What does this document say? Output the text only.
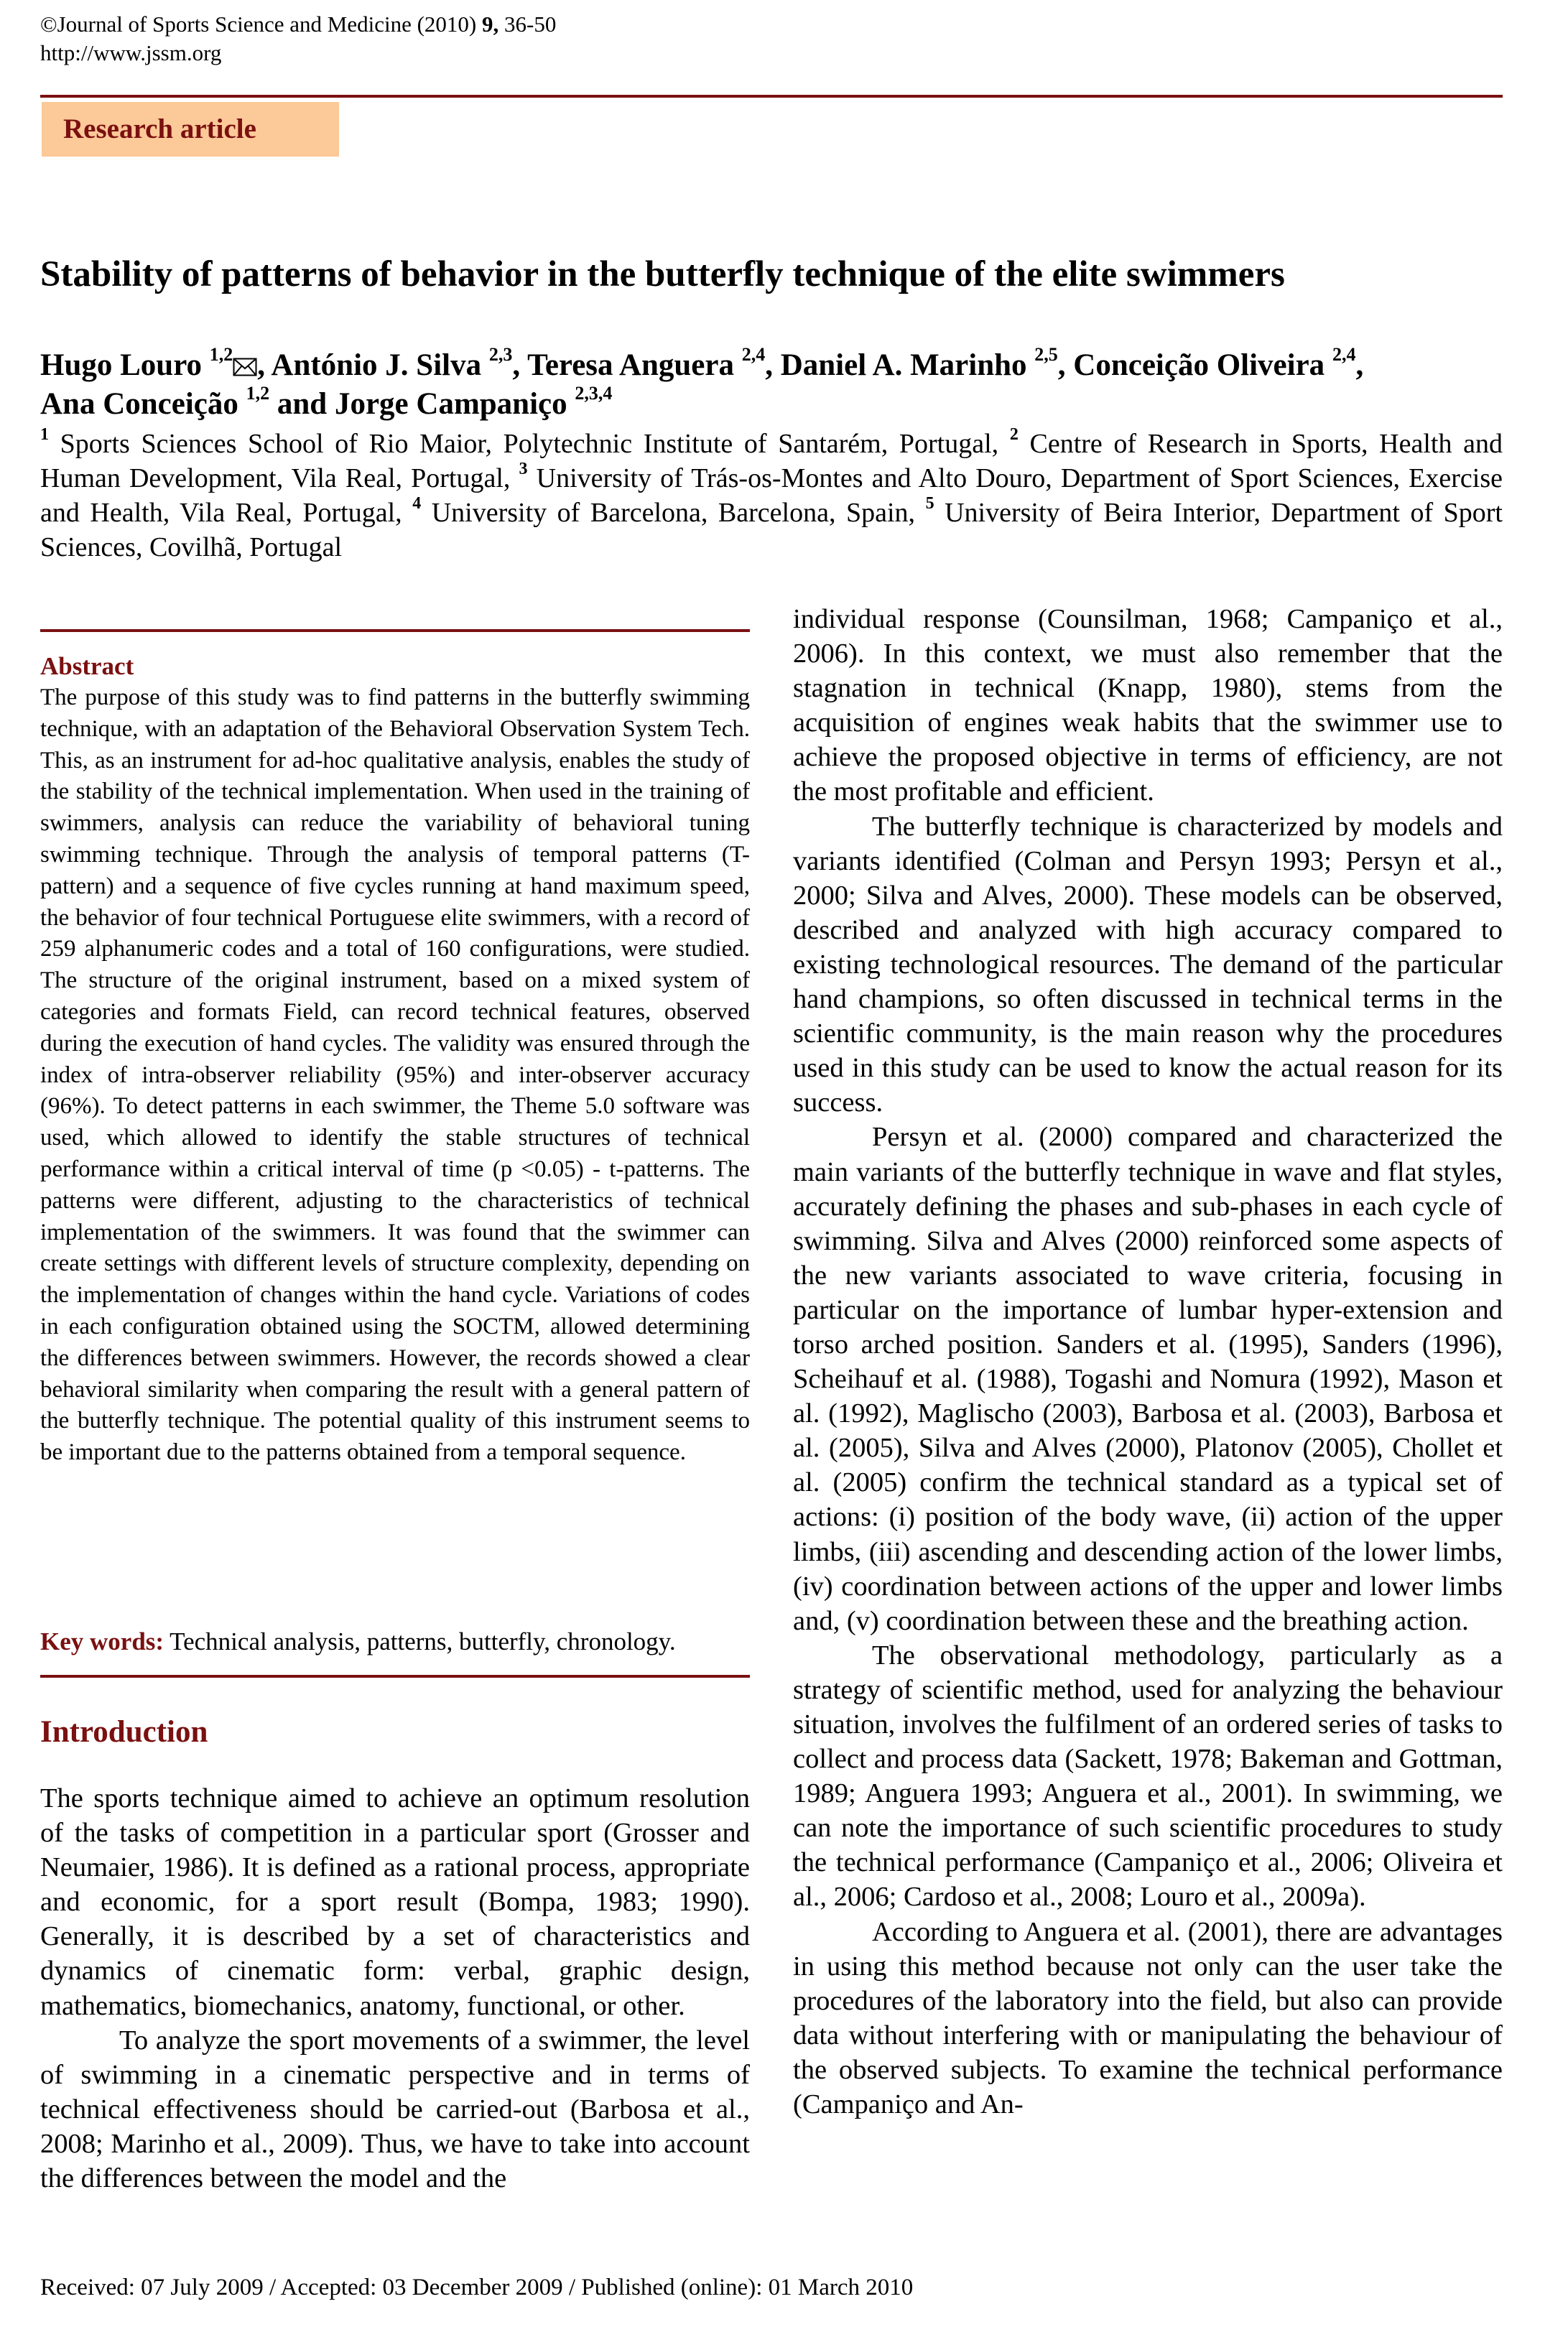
©Journal of Sports Science and Medicine (2010) 9, 36-50
http://www.jssm.org
Research article
Stability of patterns of behavior in the butterfly technique of the elite swimmers
Hugo Louro $^{1,2}$ , António J. Silva $^{2,3}$, Teresa Anguera $^{2,4}$, Daniel A. Marinho $^{2,5}$, Conceição Oliveira $^{2,4}$,
Ana Conceição $^{1,2}$ and Jorge Campaniço $^{2,3,4}$
$^1$ Sports Sciences School of Rio Maior, Polytechnic Institute of Santarém, Portugal, $^2$ Centre of Research in Sports, Health and Human Development, Vila Real, Portugal, $^3$ University of Trás-os-Montes and Alto Douro, Department of Sport Sciences, Exercise and Health, Vila Real, Portugal, $^4$ University of Barcelona, Barcelona, Spain, $^5$ University of Beira Interior, Department of Sport Sciences, Covilhã, Portugal
Abstract
The purpose of this study was to find patterns in the butterfly swimming technique, with an adaptation of the Behavioral Observation System Tech. This, as an instrument for ad-hoc qualitative analysis, enables the study of the stability of the technical implementation. When used in the training of swimmers, analysis can reduce the variability of behavioral tuning swimming technique. Through the analysis of temporal patterns (T-pattern) and a sequence of five cycles running at hand maximum speed, the behavior of four technical Portuguese elite swimmers, with a record of 259 alphanumeric codes and a total of 160 configurations, were studied. The structure of the original instrument, based on a mixed system of categories and formats Field, can record technical features, observed during the execution of hand cycles. The validity was ensured through the index of intra-observer reliability (95%) and inter-observer accuracy (96%). To detect patterns in each swimmer, the Theme 5.0 software was used, which allowed to identify the stable structures of technical performance within a critical interval of time (p <0.05) - t-patterns. The patterns were different, adjusting to the characteristics of technical implementation of the swimmers. It was found that the swimmer can create settings with different levels of structure complexity, depending on the implementation of changes within the hand cycle. Variations of codes in each configuration obtained using the SOCTM, allowed determining the differences between swimmers. However, the records showed a clear behavioral similarity when comparing the result with a general pattern of the butterfly technique. The potential quality of this instrument seems to be important due to the patterns obtained from a temporal sequence.
Key words: Technical analysis, patterns, butterfly, chronology.
Introduction

The sports technique aimed to achieve an optimum resolution of the tasks of competition in a particular sport (Grosser and Neumaier, 1986). It is defined as a rational process, appropriate and economic, for a sport result (Bompa, 1983; 1990). Generally, it is described by a set of characteristics and dynamics of cinematic form: verbal, graphic design, mathematics, biomechanics, anatomy, functional, or other.

To analyze the sport movements of a swimmer, the level of swimming in a cinematic perspective and in terms of technical effectiveness should be carried-out (Barbosa et al., 2008; Marinho et al., 2009). Thus, we have to take into account the differences between the model and the

individual response (Counsilman, 1968; Campaniço et al., 2006). In this context, we must also remember that the stagnation in technical (Knapp, 1980), stems from the acquisition of engines weak habits that the swimmer use to achieve the proposed objective in terms of efficiency, are not the most profitable and efficient.

The butterfly technique is characterized by models and variants identified (Colman and Persyn 1993; Persyn et al., 2000; Silva and Alves, 2000). These models can be observed, described and analyzed with high accuracy compared to existing technological resources. The demand of the particular hand champions, so often discussed in technical terms in the scientific community, is the main reason why the procedures used in this study can be used to know the actual reason for its success.

Persyn et al. (2000) compared and characterized the main variants of the butterfly technique in wave and flat styles, accurately defining the phases and sub-phases in each cycle of swimming. Silva and Alves (2000) reinforced some aspects of the new variants associated to wave criteria, focusing in particular on the importance of lumbar hyper-extension and torso arched position. Sanders et al. (1995), Sanders (1996), Scheihauf et al. (1988), Togashi and Nomura (1992), Mason et al. (1992), Maglischo (2003), Barbosa et al. (2003), Barbosa et al. (2005), Silva and Alves (2000), Platonov (2005), Chollet et al. (2005) confirm the technical standard as a typical set of actions: (i) position of the body wave, (ii) action of the upper limbs, (iii) ascending and descending action of the lower limbs, (iv) coordination between actions of the upper and lower limbs and, (v) coordination between these and the breathing action.

The observational methodology, particularly as a strategy of scientific method, used for analyzing the behaviour situation, involves the fulfilment of an ordered series of tasks to collect and process data (Sackett, 1978; Bakeman and Gottman, 1989; Anguera 1993; Anguera et al., 2001). In swimming, we can note the importance of such scientific procedures to study the technical performance (Campaniço et al., 2006; Oliveira et al., 2006; Cardoso et al., 2008; Louro et al., 2009a).

According to Anguera et al. (2001), there are advantages in using this method because not only can the user take the procedures of the laboratory into the field, but also can provide data without interfering with or manipulating the behaviour of the observed subjects. To examine the technical performance (Campaniço and An-

Received: 07 July 2009 / Accepted: 03 December 2009 / Published (online): 01 March 2010
